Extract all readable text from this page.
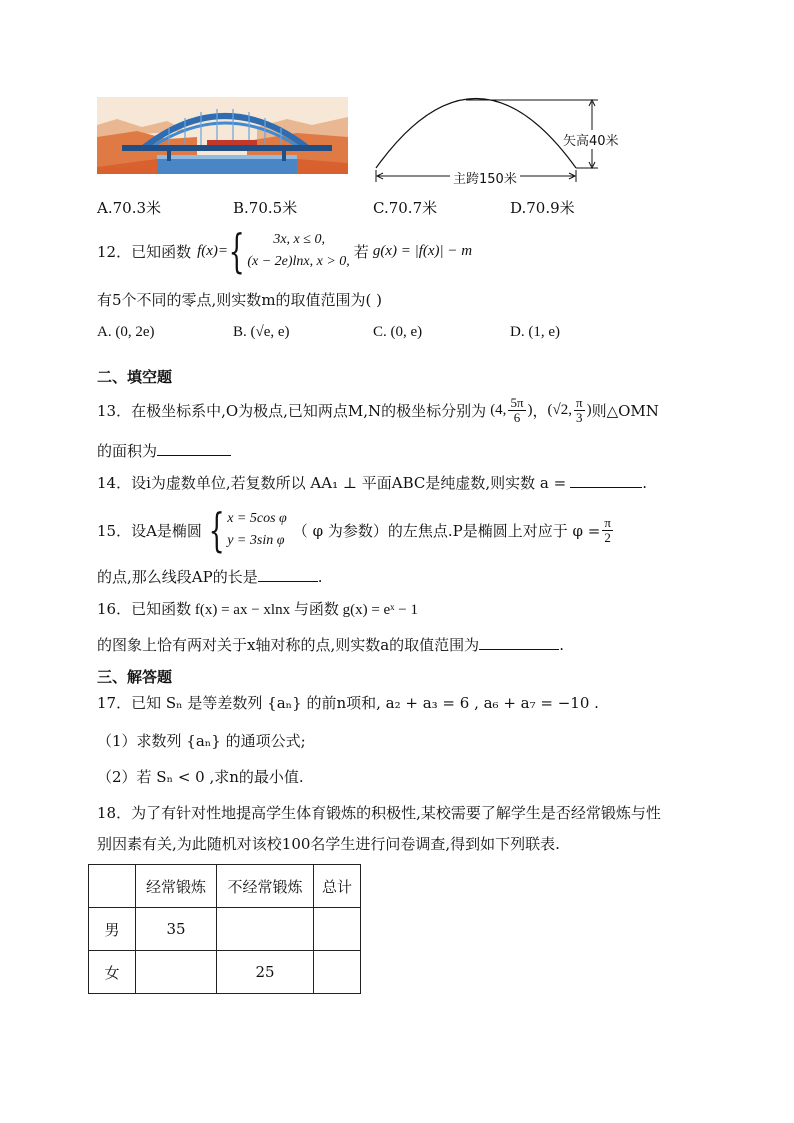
矢高40米
主跨150米
A.70.3米	B.70.5米	C.70.7米	D.70.9米
12． 已知函数 f(x)= {	3x, x ≤ 0,
(x − 2e)lnx, x > 0,
若 g(x) = |f(x)| − m
有5个不同的零点,则实数m的取值范围为( )
A. (0, 2e)	B. (√e, e)	C. (0, e)	D. (1, e)
二、填空题
13． 在极坐标系中,O为极点,已知两点M,N的极坐标分别为 (4, $\frac{5\pi}{6}$ ) ， (√2, $\frac{\pi}{3}$ ) 则△OMN
的面积为
14．设i为虚数单位,若复数所以 AA₁ ⊥ 平面ABC是纯虚数,则实数 a =	.
15． 设A是椭圆 { x = 5cos φ
y = 3sin φ
（ φ 为参数）的左焦点.P是椭圆上对应于 $\varphi = \frac{\pi}{2}$
的点,那么线段AP的长是	.
16．已知函数 f(x) = ax − xlnx 与函数 g(x) = eˣ − 1
的图象上恰有两对关于x轴对称的点,则实数a的取值范围为	.
三、解答题
17．已知 Sₙ 是等差数列 {aₙ} 的前n项和, a₂ + a₃ = 6 , a₆ + a₇ = −10 .
（1）求数列 {aₙ} 的通项公式;
（2）若 Sₙ < 0 ,求n的最小值.
18．为了有针对性地提高学生体育锻炼的积极性,某校需要了解学生是否经常锻炼与性
别因素有关,为此随机对该校100名学生进行问卷调查,得到如下列联表.
	经常锻炼	不经常锻炼	总计
男	35		
女		25	
